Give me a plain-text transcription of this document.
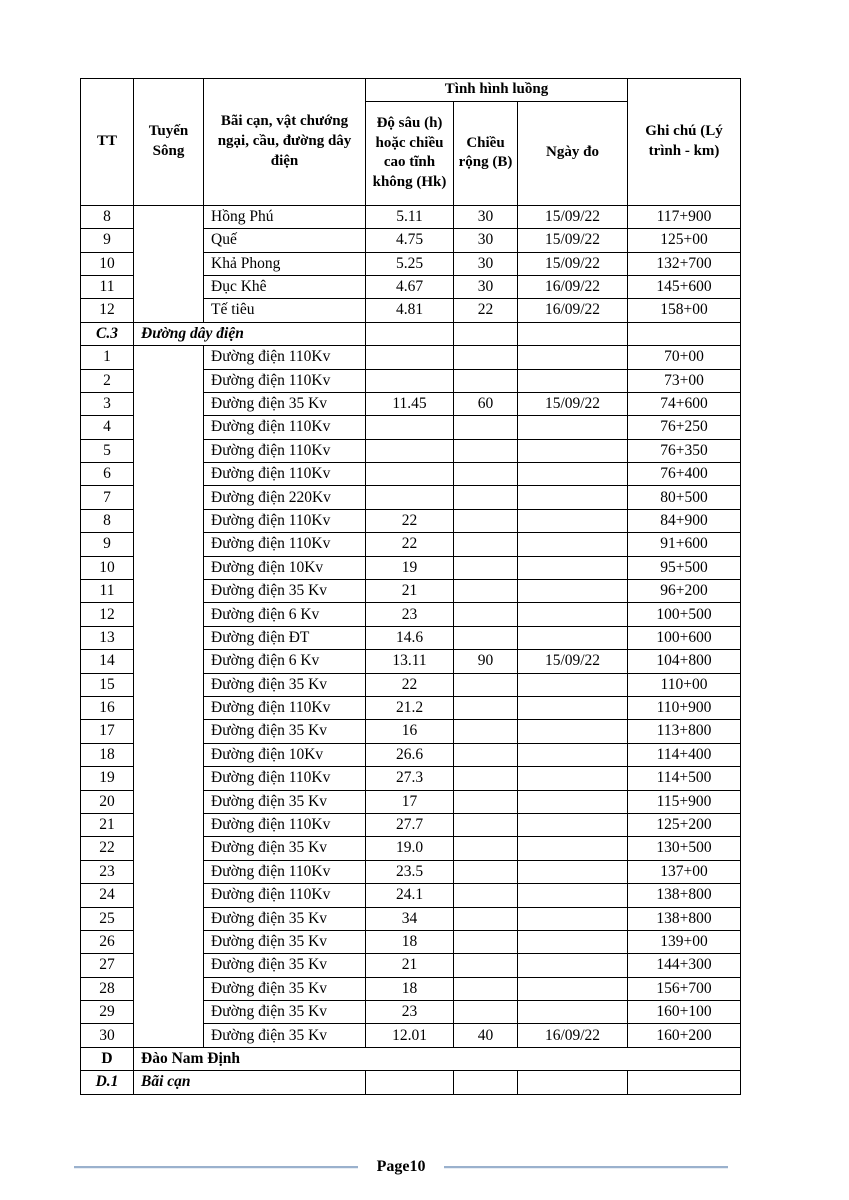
TT	Tuyến Sông	Bãi cạn, vật chướng ngại, cầu, đường dây điện	Tình hình luồng			Ghi chú (Lý trình - km)
			Độ sâu (h) hoặc chiều cao tĩnh không (Hk)	Chiều rộng (B)	Ngày đo	
8		Hồng Phú	5.11	30	15/09/22	117+900
9		Quế	4.75	30	15/09/22	125+00
10		Khả Phong	5.25	30	15/09/22	132+700
11		Đục Khê	4.67	30	16/09/22	145+600
12		Tế tiêu	4.81	22	16/09/22	158+00
C.3	Đường dây điện					
1		Đường điện 110Kv				70+00
2		Đường điện 110Kv				73+00
3		Đường điện 35 Kv	11.45	60	15/09/22	74+600
4		Đường điện 110Kv				76+250
5		Đường điện 110Kv				76+350
6		Đường điện 110Kv				76+400
7		Đường điện 220Kv				80+500
8		Đường điện 110Kv	22			84+900
9		Đường điện 110Kv	22			91+600
10		Đường điện 10Kv	19			95+500
11		Đường điện 35 Kv	21			96+200
12		Đường điện 6 Kv	23			100+500
13		Đường điện ĐT	14.6			100+600
14		Đường điện 6 Kv	13.11	90	15/09/22	104+800
15		Đường điện 35 Kv	22			110+00
16		Đường điện 110Kv	21.2			110+900
17		Đường điện 35 Kv	16			113+800
18		Đường điện 10Kv	26.6			114+400
19		Đường điện 110Kv	27.3			114+500
20		Đường điện 35 Kv	17			115+900
21		Đường điện 110Kv	27.7			125+200
22		Đường điện 35 Kv	19.0			130+500
23		Đường điện 110Kv	23.5			137+00
24		Đường điện 110Kv	24.1			138+800
25		Đường điện 35 Kv	34			138+800
26		Đường điện 35 Kv	18			139+00
27		Đường điện 35 Kv	21			144+300
28		Đường điện 35 Kv	18			156+700
29		Đường điện 35 Kv	23			160+100
30		Đường điện 35 Kv	12.01	40	16/09/22	160+200
D	Đào Nam Định					
D.1	Bãi cạn					
Page10
